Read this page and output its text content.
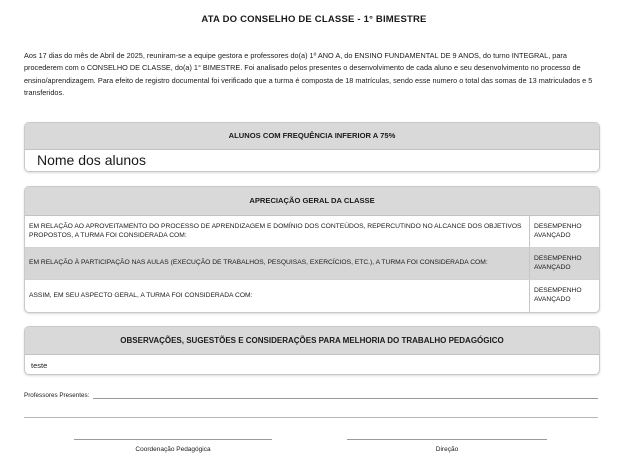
ATA DO CONSELHO DE CLASSE - 1° BIMESTRE
Aos 17 dias do mês de Abril de 2025, reuniram-se a equipe gestora e professores do(a) 1º ANO A, do ENSINO FUNDAMENTAL DE 9 ANOS, do turno INTEGRAL, para procederem com o CONSELHO DE CLASSE, do(a) 1° BIMESTRE. Foi analisado pelos presentes o desenvolvimento de cada aluno e seu desenvolvimento no processo de ensino/aprendizagem. Para efeito de registro documental foi verificado que a turma é composta de 18 matrículas, sendo esse numero o total das somas de 13 matriculados e 5 transferidos.
ALUNOS COM FREQUÊNCIA INFERIOR A 75%
Nome dos alunos
APRECIAÇÃO GERAL DA CLASSE
EM RELAÇÃO AO APROVEITAMENTO DO PROCESSO DE APRENDIZAGEM E DOMÍNIO DOS CONTEÚDOS, REPERCUTINDO NO ALCANCE DOS OBJETIVOS PROPOSTOS, A TURMA FOI CONSIDERADA COM:
DESEMPENHO AVANÇADO
EM RELAÇÃO À PARTICIPAÇÃO NAS AULAS (EXECUÇÃO DE TRABALHOS, PESQUISAS, EXERCÍCIOS, ETC.), A TURMA FOI CONSIDERADA COM:
DESEMPENHO AVANÇADO
ASSIM, EM SEU ASPECTO GERAL, A TURMA FOI CONSIDERADA COM:
DESEMPENHO AVANÇADO
OBSERVAÇÕES, SUGESTÕES E CONSIDERAÇÕES PARA MELHORIA DO TRABALHO PEDAGÓGICO
teste
Professores Presentes:
Coordenação Pedagógica	Direção
